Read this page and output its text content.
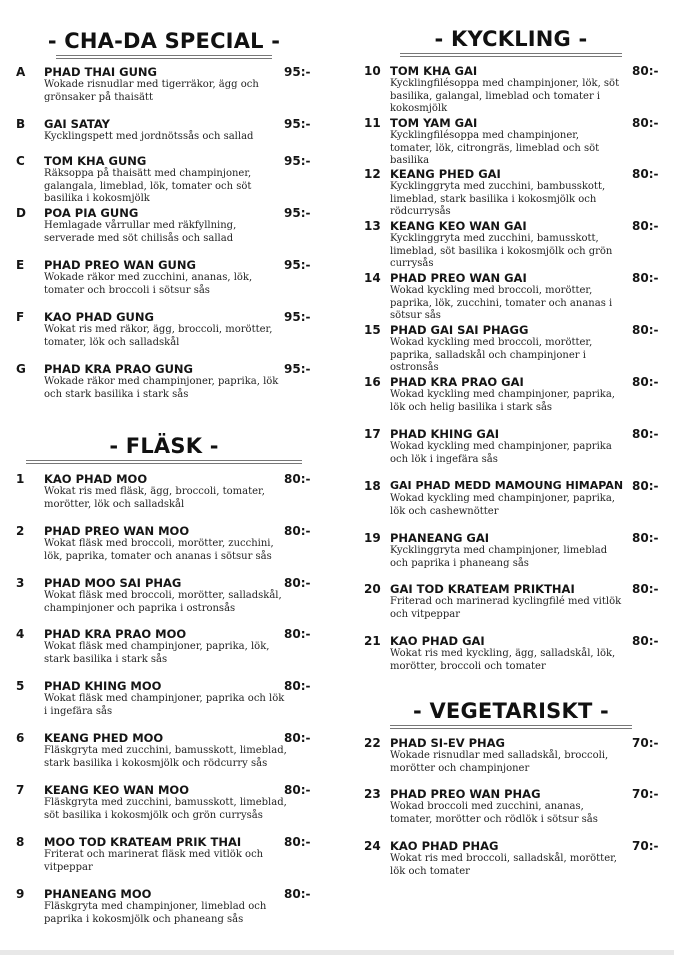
- CHA-DA SPECIAL -
A PHAD THAI GUNG	95:-
Wokade risnudlar med tigerräkor, ägg och grönsaker på thaisätt
B GAI SATAY	95:-
Kycklingspett med jordnötssås och sallad
C TOM KHA GUNG	95:-
Räksoppa på thaisätt med champinjoner, galangala, limeblad, lök, tomater och söt basilika i kokosmjölk
D POA PIA GUNG	95:-
Hemlagade vårrullar med räkfyllning, serverade med söt chilisås och sallad
E PHAD PREO WAN GUNG	95:-
Wokade räkor med zucchini, ananas, lök, tomater och broccoli i sötsur sås
F KAO PHAD GUNG	95:-
Wokat ris med räkor, ägg, broccoli, morötter, tomater, lök och salladskål
G PHAD KRA PRAO GUNG	95:-
Wokade räkor med champinjoner, paprika, lök och stark basilika i stark sås
- FLÄSK -
1 KAO PHAD MOO	80:-
Wokat ris med fläsk, ägg, broccoli, tomater, morötter, lök och salladskål
2 PHAD PREO WAN MOO	80:-
Wokat fläsk med broccoli, morötter, zucchini, lök, paprika, tomater och ananas i sötsur sås
3 PHAD MOO SAI PHAG	80:-
Wokat fläsk med broccoli, morötter, salladskål, champinjoner och paprika i ostronsås
4 PHAD KRA PRAO MOO	80:-
Wokat fläsk med champinjoner, paprika, lök, stark basilika i stark sås
5 PHAD KHING MOO	80:-
Wokat fläsk med champinjoner, paprika och lök i ingefära sås
6 KEANG PHED MOO	80:-
Fläskgryta med zucchini, bamusskott, limeblad, stark basilika i kokosmjölk och rödcurry sås
7 KEANG KEO WAN MOO	80:-
Fläskgryta med zucchini, bamusskott, limeblad, söt basilika i kokosmjölk och grön currysås
8 MOO TOD KRATEAM PRIK THAI	80:-
Friterat och marinerat fläsk med vitlök och vitpeppar
9 PHANEANG MOO	80:-
Fläskgryta med champinjoner, limeblad och paprika i kokosmjölk och phaneang sås
- KYCKLING -
10 TOM KHA GAI	80:-
Kycklingfilésoppa med champinjoner, lök, söt basilika, galangal, limeblad och tomater i kokosmjölk
11 TOM YAM GAI	80:-
Kycklingfilésoppa med champinjoner, tomater, lök, citrongräs, limeblad och söt basilika
12 KEANG PHED GAI	80:-
Kycklinggryta med zucchini, bambusskott, limeblad, stark basilika i kokosmjölk och rödcurrysås
13 KEANG KEO WAN GAI	80:-
Kycklinggryta med zucchini, bamusskott, limeblad, söt basilika i kokosmjölk och grön currysås
14 PHAD PREO WAN GAI	80:-
Wokad kyckling med broccoli, morötter, paprika, lök, zucchini, tomater och ananas i sötsur sås
15 PHAD GAI SAI PHAGG	80:-
Wokad kyckling med broccoli, morötter, paprika, salladskål och champinjoner i ostronsås
16 PHAD KRA PRAO GAI	80:-
Wokad kyckling med champinjoner, paprika, lök och helig basilika i stark sås
17 PHAD KHING GAI	80:-
Wokad kyckling med champinjoner, paprika och lök i ingefära sås
18 GAI PHAD MEDD MAMOUNG HIMAPAN 80:-
Wokad kyckling med champinjoner, paprika, lök och cashewnötter
19 PHANEANG GAI	80:-
Kycklinggryta med champinjoner, limeblad och paprika i phaneang sås
20 GAI TOD KRATEAM PRIKTHAI	80:-
Friterad och marinerad kyclingfilé med vitlök och vitpeppar
21 KAO PHAD GAI	80:-
Wokat ris med kyckling, ägg, salladskål, lök, morötter, broccoli och tomater
- VEGETARISKT -
22 PHAD SI-EV PHAG	70:-
Wokade risnudlar med salladskål, broccoli, morötter och champinjoner
23 PHAD PREO WAN PHAG	70:-
Wokad broccoli med zucchini, ananas, tomater, morötter och rödlök i sötsur sås
24 KAO PHAD PHAG	70:-
Wokat ris med broccoli, salladskål, morötter, lök och tomater
